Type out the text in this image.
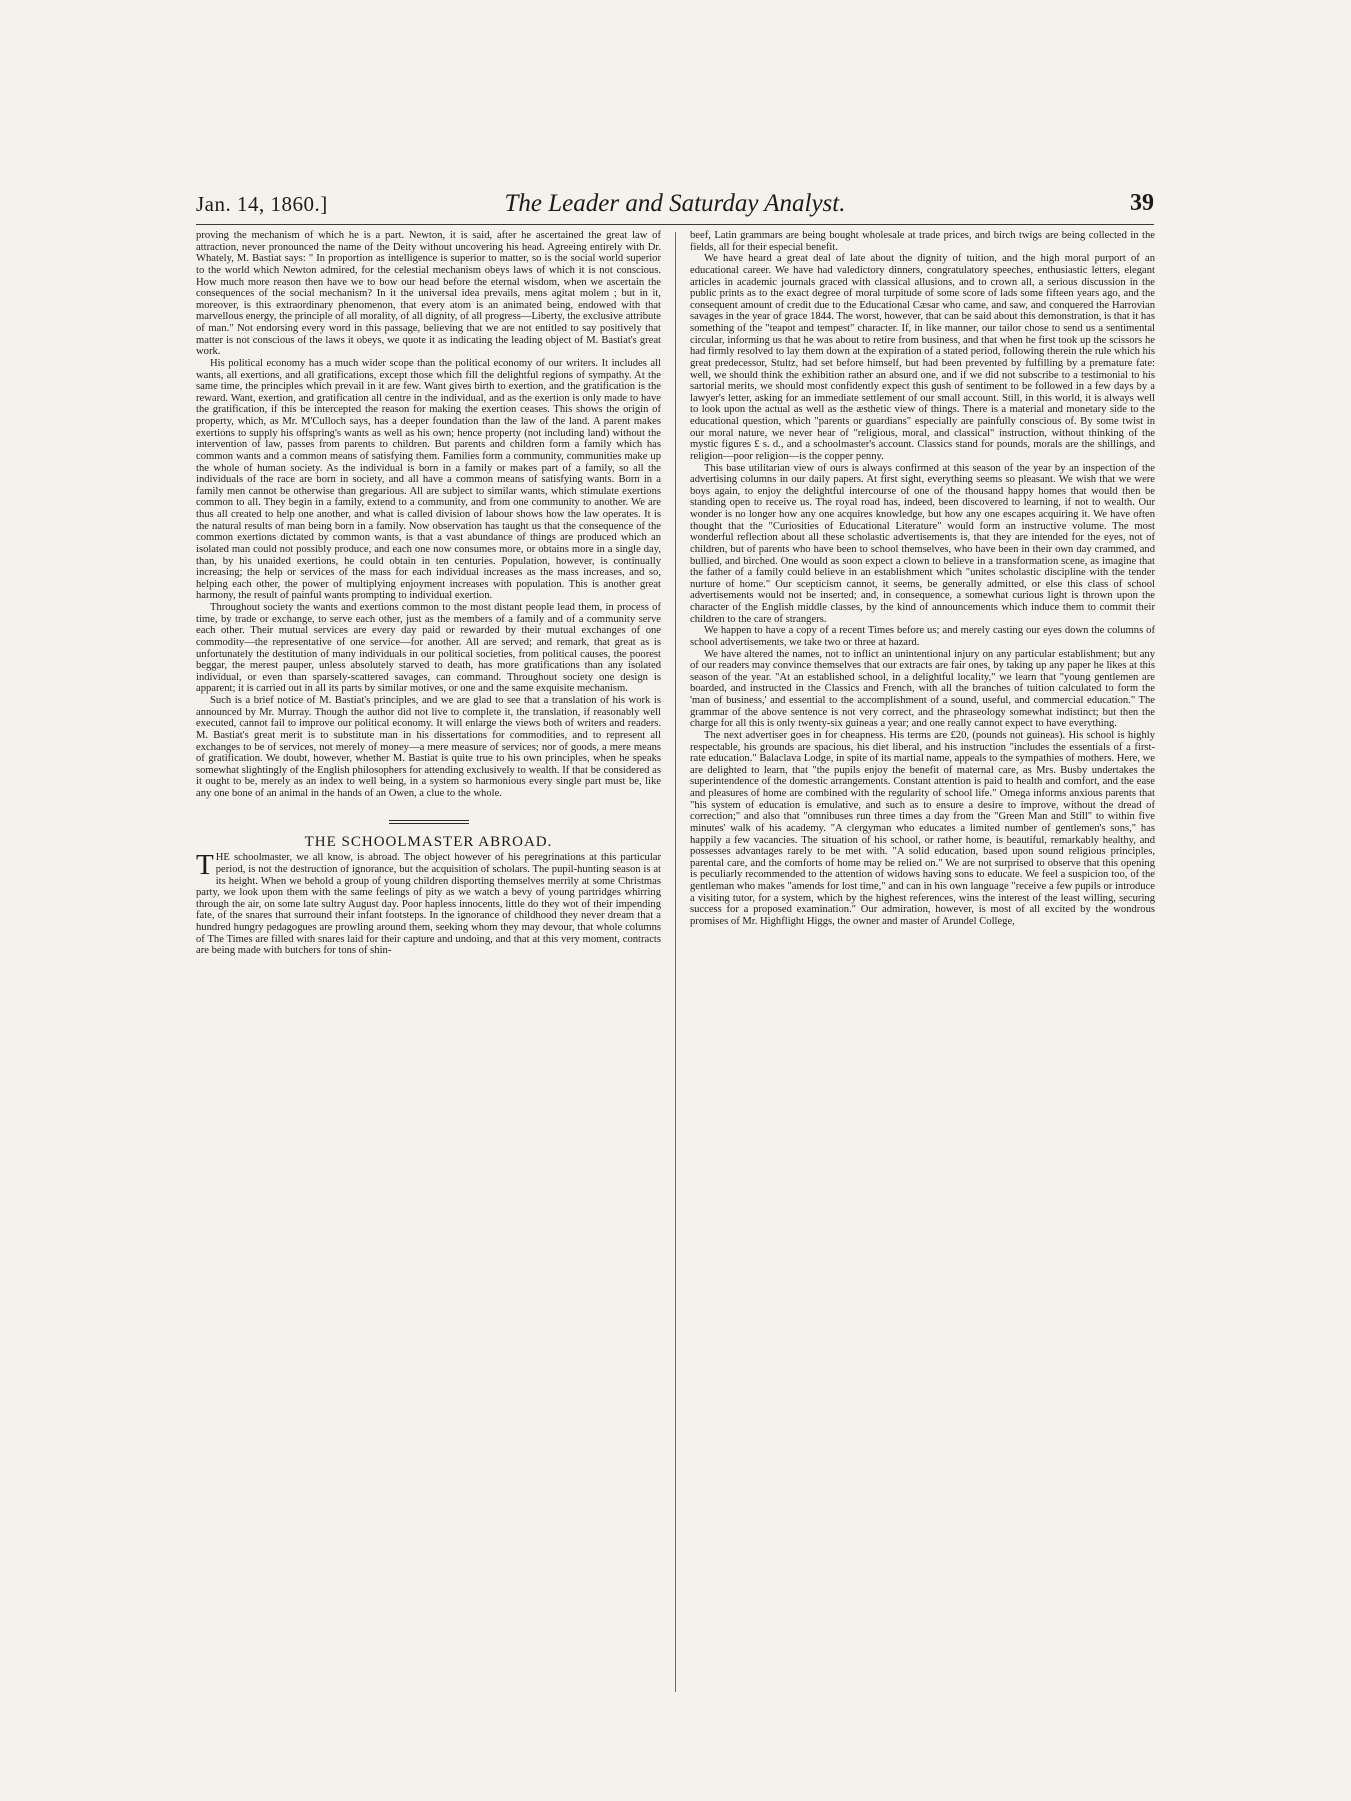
Jan. 14, 1860.]	The Leader and Saturday Analyst.	39

proving the mechanism of which he is a part. Newton, it is said, after he ascertained the great law of attraction, never pronounced the name of the Deity without uncovering his head. Agreeing entirely with Dr. Whately, M. Bastiat says: " In proportion as intelligence is superior to matter, so is the social world superior to the world which Newton admired, for the celestial mechanism obeys laws of which it is not conscious. How much more reason then have we to bow our head before the eternal wisdom, when we ascertain the consequences of the social mechanism? In it the universal idea prevails, mens agitat molem ; but in it, moreover, is this extraordinary phenomenon, that every atom is an animated being, endowed with that marvellous energy, the principle of all morality, of all dignity, of all progress—Liberty, the exclusive attribute of man." Not endorsing every word in this passage, believing that we are not entitled to say positively that matter is not conscious of the laws it obeys, we quote it as indicating the leading object of M. Bastiat's great work.

His political economy has a much wider scope than the political economy of our writers. It includes all wants, all exertions, and all gratifications, except those which fill the delightful regions of sympathy. At the same time, the principles which prevail in it are few. Want gives birth to exertion, and the gratification is the reward. Want, exertion, and gratification all centre in the individual, and as the exertion is only made to have the gratification, if this be intercepted the reason for making the exertion ceases. This shows the origin of property, which, as Mr. M'Culloch says, has a deeper foundation than the law of the land. A parent makes exertions to supply his offspring's wants as well as his own; hence property (not including land) without the intervention of law, passes from parents to children. But parents and children form a family which has common wants and a common means of satisfying them. Families form a community, communities make up the whole of human society. As the individual is born in a family or makes part of a family, so all the individuals of the race are born in society, and all have a common means of satisfying wants. Born in a family men cannot be otherwise than gregarious. All are subject to similar wants, which stimulate exertions common to all. They begin in a family, extend to a community, and from one community to another. We are thus all created to help one another, and what is called division of labour shows how the law operates. It is the natural results of man being born in a family. Now observation has taught us that the consequence of the common exertions dictated by common wants, is that a vast abundance of things are produced which an isolated man could not possibly produce, and each one now consumes more, or obtains more in a single day, than, by his unaided exertions, he could obtain in ten centuries. Population, however, is continually increasing; the help or services of the mass for each individual increases as the mass increases, and so, helping each other, the power of multiplying enjoyment increases with population. This is another great harmony, the result of painful wants prompting to individual exertion.

Throughout society the wants and exertions common to the most distant people lead them, in process of time, by trade or exchange, to serve each other, just as the members of a family and of a community serve each other. Their mutual services are every day paid or rewarded by their mutual exchanges of one commodity—the representative of one service—for another. All are served; and remark, that great as is unfortunately the destitution of many individuals in our political societies, from political causes, the poorest beggar, the merest pauper, unless absolutely starved to death, has more gratifications than any isolated individual, or even than sparsely-scattered savages, can command. Throughout society one design is apparent; it is carried out in all its parts by similar motives, or one and the same exquisite mechanism.

Such is a brief notice of M. Bastiat's principles, and we are glad to see that a translation of his work is announced by Mr. Murray. Though the author did not live to complete it, the translation, if reasonably well executed, cannot fail to improve our political economy. It will enlarge the views both of writers and readers. M. Bastiat's great merit is to substitute man in his dissertations for commodities, and to represent all exchanges to be of services, not merely of money—a mere measure of services; nor of goods, a mere means of gratification. We doubt, however, whether M. Bastiat is quite true to his own principles, when he speaks somewhat slightingly of the English philosophers for attending exclusively to wealth. If that be considered as it ought to be, merely as an index to well being, in a system so harmonious every single part must be, like any one bone of an animal in the hands of an Owen, a clue to the whole.

THE SCHOOLMASTER ABROAD.

THE schoolmaster, we all know, is abroad. The object however of his peregrinations at this particular period, is not the destruction of ignorance, but the acquisition of scholars. The pupil-hunting season is at its height. When we behold a group of young children disporting themselves merrily at some Christmas party, we look upon them with the same feelings of pity as we watch a bevy of young partridges whirring through the air, on some late sultry August day. Poor hapless innocents, little do they wot of their impending fate, of the snares that surround their infant footsteps. In the ignorance of childhood they never dream that a hundred hungry pedagogues are prowling around them, seeking whom they may devour, that whole columns of The Times are filled with snares laid for their capture and undoing, and that at this very moment, contracts are being made with butchers for tons of shin-

beef, Latin grammars are being bought wholesale at trade prices, and birch twigs are being collected in the fields, all for their especial benefit.

We have heard a great deal of late about the dignity of tuition, and the high moral purport of an educational career. We have had valedictory dinners, congratulatory speeches, enthusiastic letters, elegant articles in academic journals graced with classical allusions, and to crown all, a serious discussion in the public prints as to the exact degree of moral turpitude of some score of lads some fifteen years ago, and the consequent amount of credit due to the Educational Cæsar who came, and saw, and conquered the Harrovian savages in the year of grace 1844. The worst, however, that can be said about this demonstration, is that it has something of the "teapot and tempest" character. If, in like manner, our tailor chose to send us a sentimental circular, informing us that he was about to retire from business, and that when he first took up the scissors he had firmly resolved to lay them down at the expiration of a stated period, following therein the rule which his great predecessor, Stultz, had set before himself, but had been prevented by fulfilling by a premature fate: well, we should think the exhibition rather an absurd one, and if we did not subscribe to a testimonial to his sartorial merits, we should most confidently expect this gush of sentiment to be followed in a few days by a lawyer's letter, asking for an immediate settlement of our small account. Still, in this world, it is always well to look upon the actual as well as the æsthetic view of things. There is a material and monetary side to the educational question, which "parents or guardians" especially are painfully conscious of. By some twist in our moral nature, we never hear of "religious, moral, and classical" instruction, without thinking of the mystic figures £ s. d., and a schoolmaster's account. Classics stand for pounds, morals are the shillings, and religion—poor religion—is the copper penny.

This base utilitarian view of ours is always confirmed at this season of the year by an inspection of the advertising columns in our daily papers. At first sight, everything seems so pleasant. We wish that we were boys again, to enjoy the delightful intercourse of one of the thousand happy homes that would then be standing open to receive us. The royal road has, indeed, been discovered to learning, if not to wealth. Our wonder is no longer how any one acquires knowledge, but how any one escapes acquiring it. We have often thought that the "Curiosities of Educational Literature" would form an instructive volume. The most wonderful reflection about all these scholastic advertisements is, that they are intended for the eyes, not of children, but of parents who have been to school themselves, who have been in their own day crammed, and bullied, and birched. One would as soon expect a clown to believe in a transformation scene, as imagine that the father of a family could believe in an establishment which "unites scholastic discipline with the tender nurture of home." Our scepticism cannot, it seems, be generally admitted, or else this class of school advertisements would not be inserted; and, in consequence, a somewhat curious light is thrown upon the character of the English middle classes, by the kind of announcements which induce them to commit their children to the care of strangers.

We happen to have a copy of a recent Times before us; and merely casting our eyes down the columns of school advertisements, we take two or three at hazard.

We have altered the names, not to inflict an unintentional injury on any particular establishment; but any of our readers may convince themselves that our extracts are fair ones, by taking up any paper he likes at this season of the year. "At an established school, in a delightful locality," we learn that "young gentlemen are boarded, and instructed in the Classics and French, with all the branches of tuition calculated to form the 'man of business,' and essential to the accomplishment of a sound, useful, and commercial education." The grammar of the above sentence is not very correct, and the phraseology somewhat indistinct; but then the charge for all this is only twenty-six guineas a year; and one really cannot expect to have everything.

The next advertiser goes in for cheapness. His terms are £20, (pounds not guineas). His school is highly respectable, his grounds are spacious, his diet liberal, and his instruction "includes the essentials of a first-rate education." Balaclava Lodge, in spite of its martial name, appeals to the sympathies of mothers. Here, we are delighted to learn, that "the pupils enjoy the benefit of maternal care, as Mrs. Busby undertakes the superintendence of the domestic arrangements. Constant attention is paid to health and comfort, and the ease and pleasures of home are combined with the regularity of school life." Omega informs anxious parents that "his system of education is emulative, and such as to ensure a desire to improve, without the dread of correction;" and also that "omnibuses run three times a day from the "Green Man and Still" to within five minutes' walk of his academy. "A clergyman who educates a limited number of gentlemen's sons," has happily a few vacancies. The situation of his school, or rather home, is beautiful, remarkably healthy, and possesses advantages rarely to be met with. "A solid education, based upon sound religious principles, parental care, and the comforts of home may be relied on." We are not surprised to observe that this opening is peculiarly recommended to the attention of widows having sons to educate. We feel a suspicion too, of the gentleman who makes "amends for lost time," and can in his own language "receive a few pupils or introduce a visiting tutor, for a system, which by the highest references, wins the interest of the least willing, securing success for a proposed examination." Our admiration, however, is most of all excited by the wondrous promises of Mr. Highflight Higgs, the owner and master of Arundel College,
